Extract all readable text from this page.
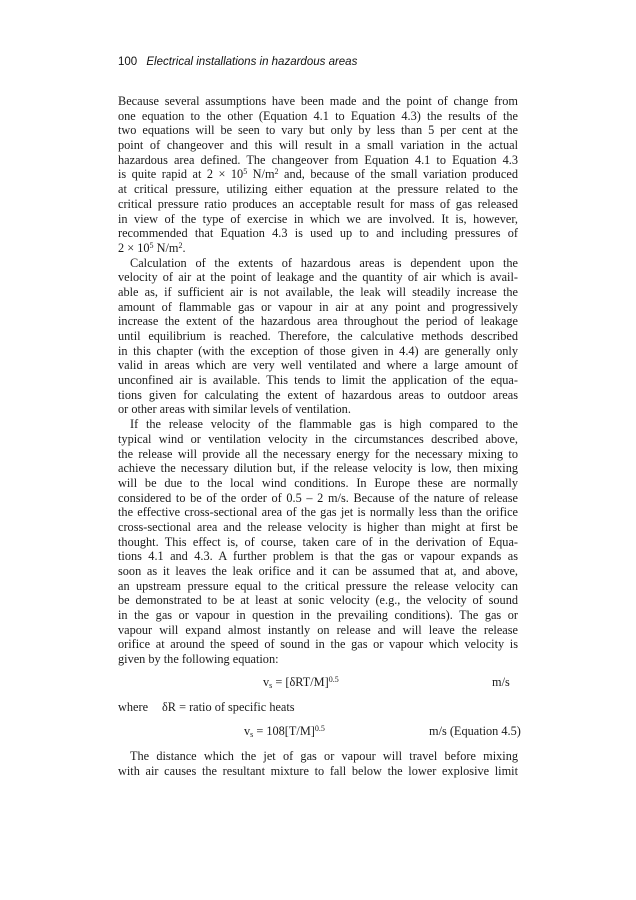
100 Electrical installations in hazardous areas
Because several assumptions have been made and the point of change from
one equation to the other (Equation 4.1 to Equation 4.3) the results of the
two equations will be seen to vary but only by less than 5 per cent at the
point of changeover and this will result in a small variation in the actual
hazardous area defined. The changeover from Equation 4.1 to Equation 4.3
is quite rapid at $2 \times 10^5$ $N/m^2$ and, because of the small variation produced
at critical pressure, utilizing either equation at the pressure related to the
critical pressure ratio produces an acceptable result for mass of gas released
in view of the type of exercise in which we are involved. It is, however,
recommended that Equation 4.3 is used up to and including pressures of
$2 \times 10^5$ $N/m^2$.
Calculation of the extents of hazardous areas is dependent upon the
velocity of air at the point of leakage and the quantity of air which is avail-
able as, if sufficient air is not available, the leak will steadily increase the
amount of flammable gas or vapour in air at any point and progressively
increase the extent of the hazardous area throughout the period of leakage
until equilibrium is reached. Therefore, the calculative methods described
in this chapter (with the exception of those given in 4.4) are generally only
valid in areas which are very well ventilated and where a large amount of
unconfined air is available. This tends to limit the application of the equa-
tions given for calculating the extent of hazardous areas to outdoor areas
or other areas with similar levels of ventilation.
If the release velocity of the flammable gas is high compared to the
typical wind or ventilation velocity in the circumstances described above,
the release will provide all the necessary energy for the necessary mixing to
achieve the necessary dilution but, if the release velocity is low, then mixing
will be due to the local wind conditions. In Europe these are normally
considered to be of the order of 0.5 – 2 m/s. Because of the nature of release
the effective cross-sectional area of the gas jet is normally less than the orifice
cross-sectional area and the release velocity is higher than might at first be
thought. This effect is, of course, taken care of in the derivation of Equa-
tions 4.1 and 4.3. A further problem is that the gas or vapour expands as
soon as it leaves the leak orifice and it can be assumed that at, and above,
an upstream pressure equal to the critical pressure the release velocity can
be demonstrated to be at least at sonic velocity (e.g., the velocity of sound
in the gas or vapour in question in the prevailing conditions). The gas or
vapour will expand almost instantly on release and will leave the release
orifice at around the speed of sound in the gas or vapour which velocity is
given by the following equation:
$v_s = [\delta RT/M]^{0.5}$	m/s
where δR = ratio of specific heats
$v_s = 108[T/M]^{0.5}$	m/s (Equation 4.5)
The distance which the jet of gas or vapour will travel before mixing
with air causes the resultant mixture to fall below the lower explosive limit
